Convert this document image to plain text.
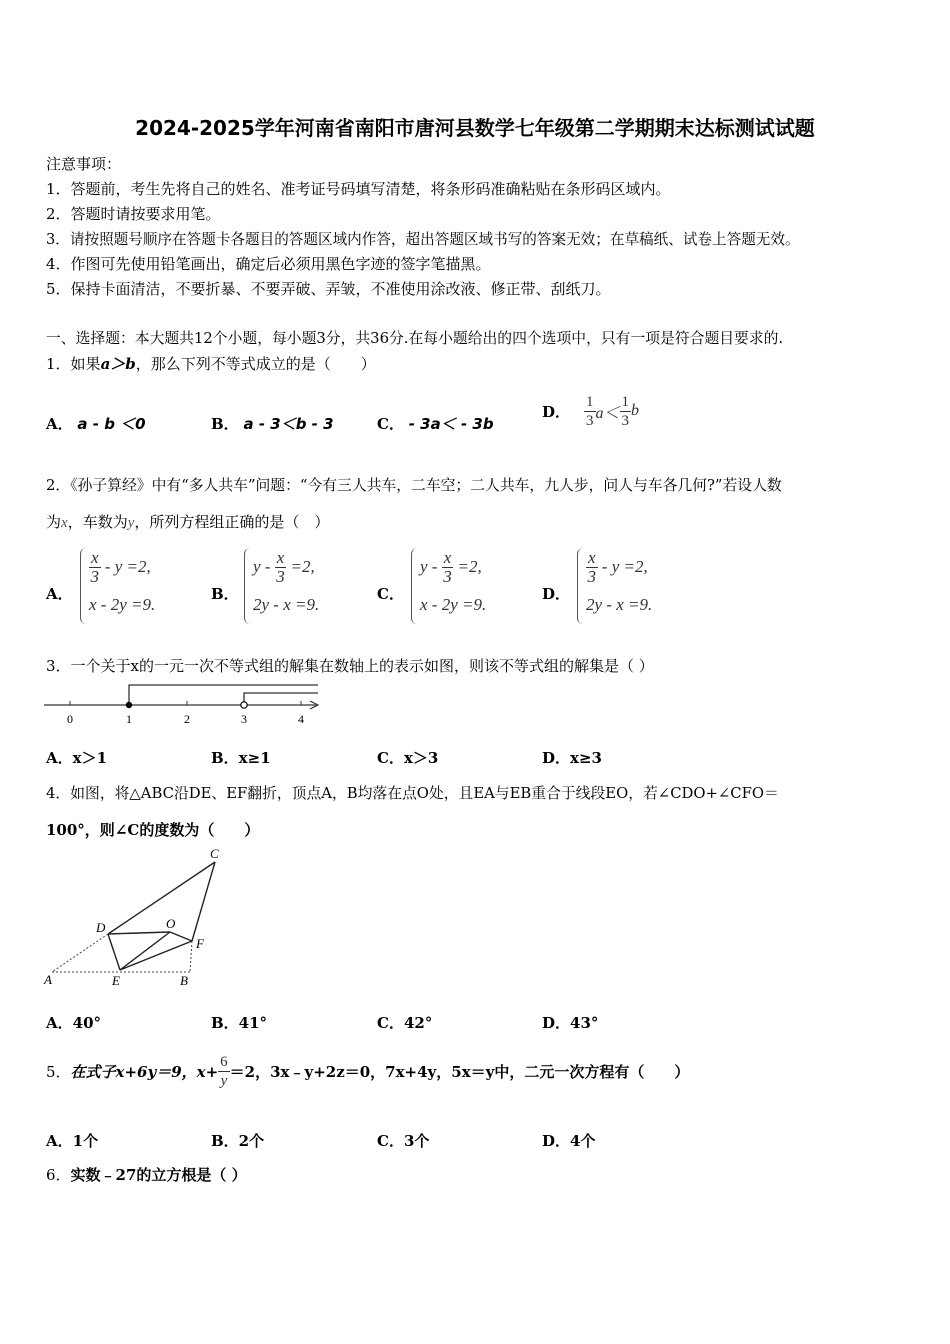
2024-2025学年河南省南阳市唐河县数学七年级第二学期期末达标测试试题
注意事项：
1．答题前，考生先将自己的姓名、准考证号码填写清楚，将条形码准确粘贴在条形码区域内。
2．答题时请按要求用笔。
3．请按照题号顺序在答题卡各题目的答题区域内作答，超出答题区域书写的答案无效；在草稿纸、试卷上答题无效。
4．作图可先使用铅笔画出，确定后必须用黑色字迹的签字笔描黑。
5．保持卡面清洁，不要折暴、不要弄破、弄皱，不准使用涂改液、修正带、刮纸刀。
一、选择题：本大题共12个小题，每小题3分，共36分.在每小题给出的四个选项中，只有一项是符合题目要求的.
1．如果a＞b，那么下列不等式成立的是（　　）
A． a - b ＜0	B． a - 3＜b - 3	C． - 3a＜ - 3b
D． $\frac{1}{3} a< \frac{1}{3}$ b
2．《孙子算经》中有“多人共车”问题：“今有三人共车，二车空；二人共车，九人步，问人与车各几何?”若设人数
为x，车数为y，所列方程组正确的是（　）
A．
$\frac{x}{3}$
- y =2,
x - 2y =9.
B．
y -
$\frac{x}{3}$
=2,
2y - x =9.
C．
y -
$\frac{x}{3}$
=2,
x - 2y =9.
D．
$\frac{x}{3}$
- y =2,
2y - x =9.
3．一个关于x的一元一次不等式组的解集在数轴上的表示如图，则该不等式组的解集是（ ）
0	1	2	3	4
A．x＞1	B．x≥1	C．x＞3	D．x≥3
4．如图，将△ABC沿DE、EF翻折，顶点A，B均落在点O处，且EA与EB重合于线段EO，若∠CDO+∠CFO＝
100°，则∠C的度数为（　　）
C
D	O
F
A	E	B
A．40°	B．41°	C．42°	D．43°
5． 在式子x+6y＝9，$x+ \frac{6}{y} =2$，3x﹣y+2z＝0，7x+4y，5x＝y中，二元一次方程有（　　）
A．1个	B．2个	C．3个	D．4个
6．实数﹣27的立方根是（ ）
